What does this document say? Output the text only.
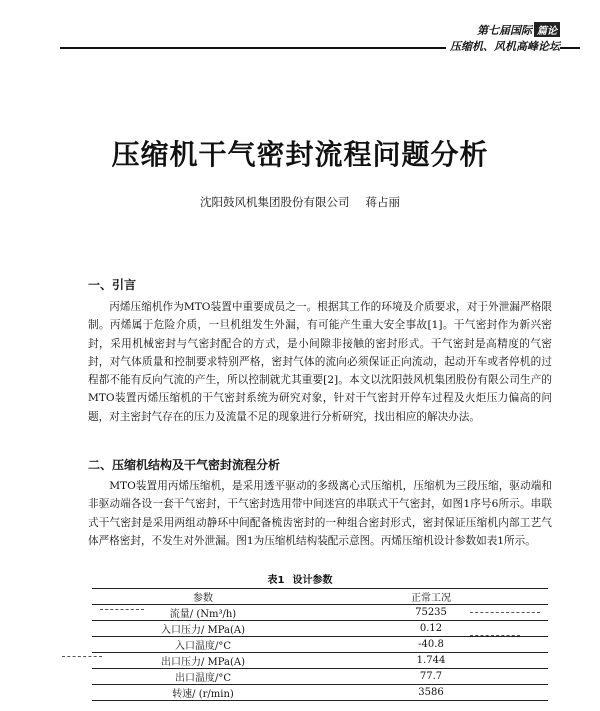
第七届国际 篇论
压缩机、风机高峰论坛
压缩机干气密封流程问题分析
沈阳鼓风机集团股份有限公司 蒋占丽
一、引言

丙烯压缩机作为MTO装置中重要成员之一。根据其工作的环境及介质要求，对于外泄漏严格限制。丙烯属于危险介质，一旦机组发生外漏，有可能产生重大安全事故[1]。干气密封作为新兴密封，采用机械密封与气密封配合的方式，是小间隙非接触的密封形式。干气密封是高精度的气密封，对气体质量和控制要求特别严格，密封气体的流向必须保证正向流动，起动开车或者停机的过程都不能有反向气流的产生，所以控制就尤其重要[2]。本文以沈阳鼓风机集团股份有限公司生产的MTO装置丙烯压缩机的干气密封系统为研究对象，针对干气密封开停车过程及火炬压力偏高的问题，对主密封气存在的压力及流量不足的现象进行分析研究，找出相应的解决办法。

二、压缩机结构及干气密封流程分析

MTO装置用丙烯压缩机，是采用透平驱动的多级离心式压缩机，压缩机为三段压缩，驱动端和非驱动端各设一套干气密封，干气密封选用带中间迷宫的串联式干气密封，如图1序号6所示。串联式干气密封是采用两组动静环中间配备梳齿密封的一种组合密封形式，密封保证压缩机内部工艺气体严格密封，不发生对外泄漏。图1为压缩机结构装配示意图。丙烯压缩机设计参数如表1所示。

表1 设计参数
参数	正常工况
流量/ (Nm³/h)	75235
入口压力/ MPa(A)	0.12
入口温度/°C	-40.8
出口压力/ MPa(A)	1.744
出口温度/°C	77.7
转速/ (r/min)	3586
